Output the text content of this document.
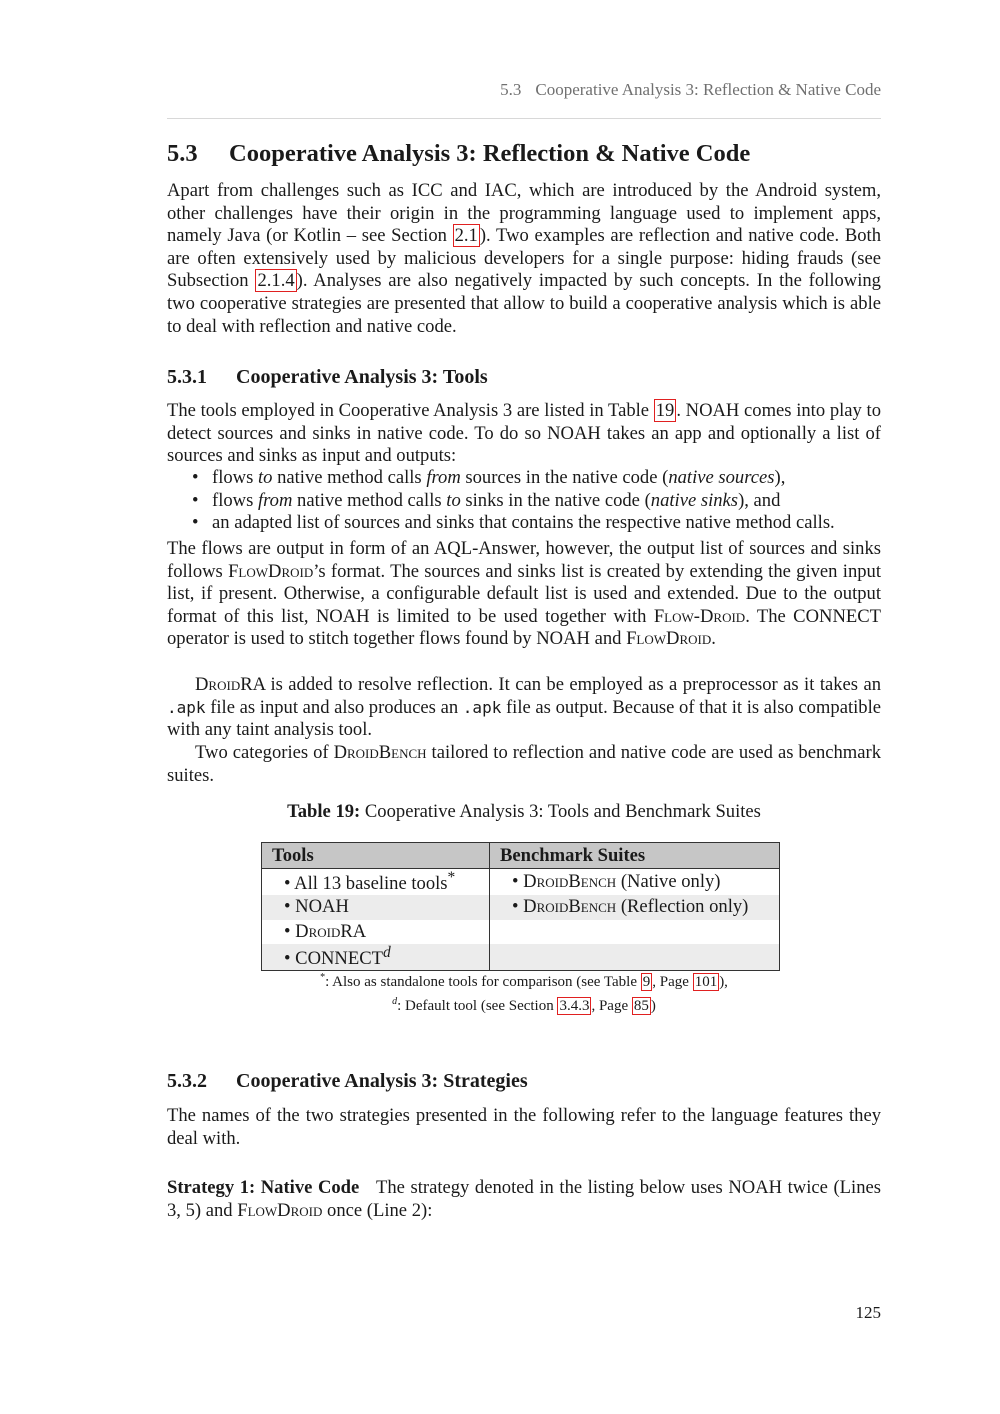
5.3 Cooperative Analysis 3: Reflection & Native Code
5.3 Cooperative Analysis 3: Reflection & Native Code

Apart from challenges such as ICC and IAC, which are introduced by the Android system, other challenges have their origin in the programming language used to implement apps, namely Java (or Kotlin – see Section 2.1 ). Two examples are reflection and native code. Both are often extensively used by malicious developers for a single purpose: hiding frauds (see Subsection 2.1.4 ). Analyses are also negatively impacted by such concepts. In the following two cooperative strategies are presented that allow to build a cooperative analysis which is able to deal with reflection and native code.

5.3.1 Cooperative Analysis 3: Tools

The tools employed in Cooperative Analysis 3 are listed in Table 19 . NOAH comes into play to detect sources and sinks in native code. To do so NOAH takes an app and optionally a list of sources and sinks as input and outputs:

• flows to native method calls from sources in the native code (native sources),
• flows from native method calls to sinks in the native code (native sinks), and
• an adapted list of sources and sinks that contains the respective native method calls.

The flows are output in form of an AQL-Answer, however, the output list of sources and sinks follows FlowDroid’s format. The sources and sinks list is created by extending the given input list, if present. Otherwise, a configurable default list is used and extended. Due to the output format of this list, NOAH is limited to be used together with Flow-Droid. The CONNECT operator is used to stitch together flows found by NOAH and FlowDroid.

DroidRA is added to resolve reflection. It can be employed as a preprocessor as it takes an .apk file as input and also produces an .apk file as output. Because of that it is also compatible with any taint analysis tool.

Two categories of DroidBench tailored to reflection and native code are used as benchmark suites.

Table 19: Cooperative Analysis 3: Tools and Benchmark Suites
Tools	Benchmark Suites
• All 13 baseline tools*	• DroidBench (Native only)
• NOAH	• DroidBench (Reflection only)
• DroidRA	
• CONNECT$^d$	
*: Also as standalone tools for comparison (see Table 9 , Page 101 ),
$^d$: Default tool (see Section 3.4.3 , Page 85 )
5.3.2 Cooperative Analysis 3: Strategies

The names of the two strategies presented in the following refer to the language features they deal with.

Strategy 1: Native Code The strategy denoted in the listing below uses NOAH twice (Lines 3, 5) and FlowDroid once (Line 2):

125
